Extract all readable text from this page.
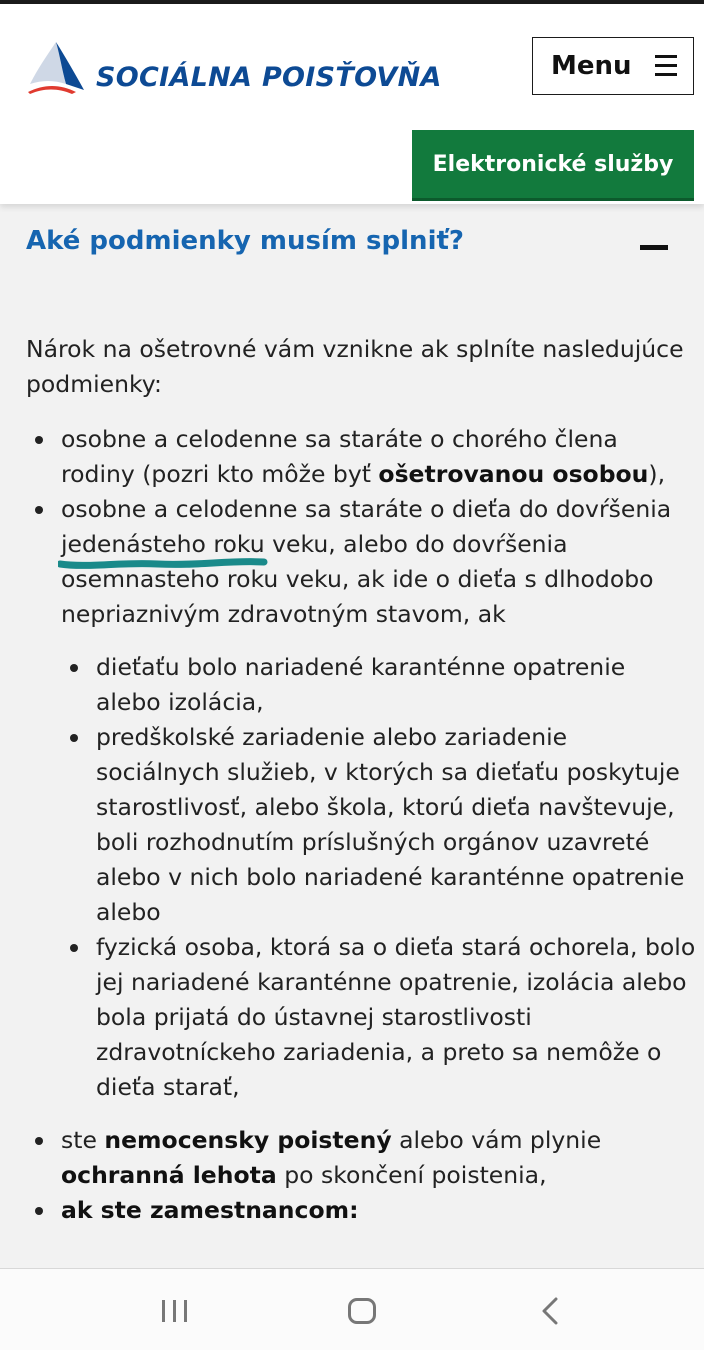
SOCIÁLNA POISŤOVŇA	Menu
Elektronické služby
Aké podmienky musím splniť?

Nárok na ošetrovné vám vznikne ak splníte nasledujúce podmienky:

osobne a celodenne sa staráte o chorého člena rodiny (pozri kto môže byť ošetrovanou osobou),
osobne a celodenne sa staráte o dieťa do dovŕšenia jedenásteho roku veku, alebo do dovŕšenia osemnasteho roku veku, ak ide o dieťa s dlhodobo nepriaznivým zdravotným stavom, ak
dieťaťu bolo nariadené karanténne opatrenie alebo izolácia,
predškolské zariadenie alebo zariadenie sociálnych služieb, v ktorých sa dieťaťu poskytuje starostlivosť, alebo škola, ktorú dieťa navštevuje, boli rozhodnutím príslušných orgánov uzavreté alebo v nich bolo nariadené karanténne opatrenie alebo
fyzická osoba, ktorá sa o dieťa stará ochorela, bolo jej nariadené karanténne opatrenie, izolácia alebo bola prijatá do ústavnej starostlivosti zdravotníckeho zariadenia, a preto sa nemôže o dieťa starať,
ste nemocensky poistený alebo vám plynie ochranná lehota po skončení poistenia,
ak ste zamestnancom:
